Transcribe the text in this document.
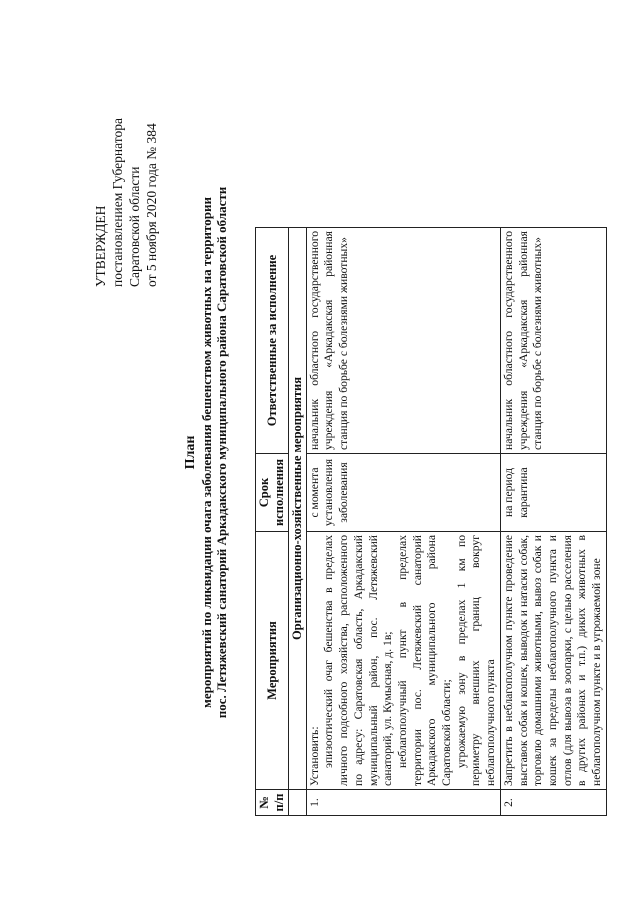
УТВЕРЖДЕН постановлением Губернатора Саратовской области от 5 ноября 2020 года № 384
План мероприятий по ликвидации очага заболевания бешенством животных на территории пос. Летяжевский санаторий Аркадакского муниципального района Саратовской области
№ п/п	Мероприятия	Срок исполнения	Ответственные за исполнение
	Организационно-хозяйственные мероприятия		
1.	Установить: эпизоотический очаг бешенства в пределах личного подсобного хозяйства, расположенного по адресу: Саратовская область, Аркадакский муниципальный район, пос. Летяжевский санаторий, ул. Кумысная, д. 1в; неблагополучный пункт в пределах территории пос. Летяжевский санаторий Аркадакского муниципального района Саратовской области; угрожаемую зону в пределах 1 км по периметру внешних границ вокруг неблагополучного пункта	с момента установления заболевания	начальник областного государственного учреждения «Аркадакская районная станция по борьбе с болезнями животных»
2.	Запретить в неблагополучном пункте проведение выставок собак и кошек, выводок и натаски собак, торговлю домашними животными, вывоз собак и кошек за пределы неблагополучного пункта и отлов (для вывоза в зоопарки, с целью расселения в других районах и т.п.) диких животных в неблагополучном пункте и в угрожаемой зоне	на период карантина	начальник областного государственного учреждения «Аркадакская районная станция по борьбе с болезнями животных»
